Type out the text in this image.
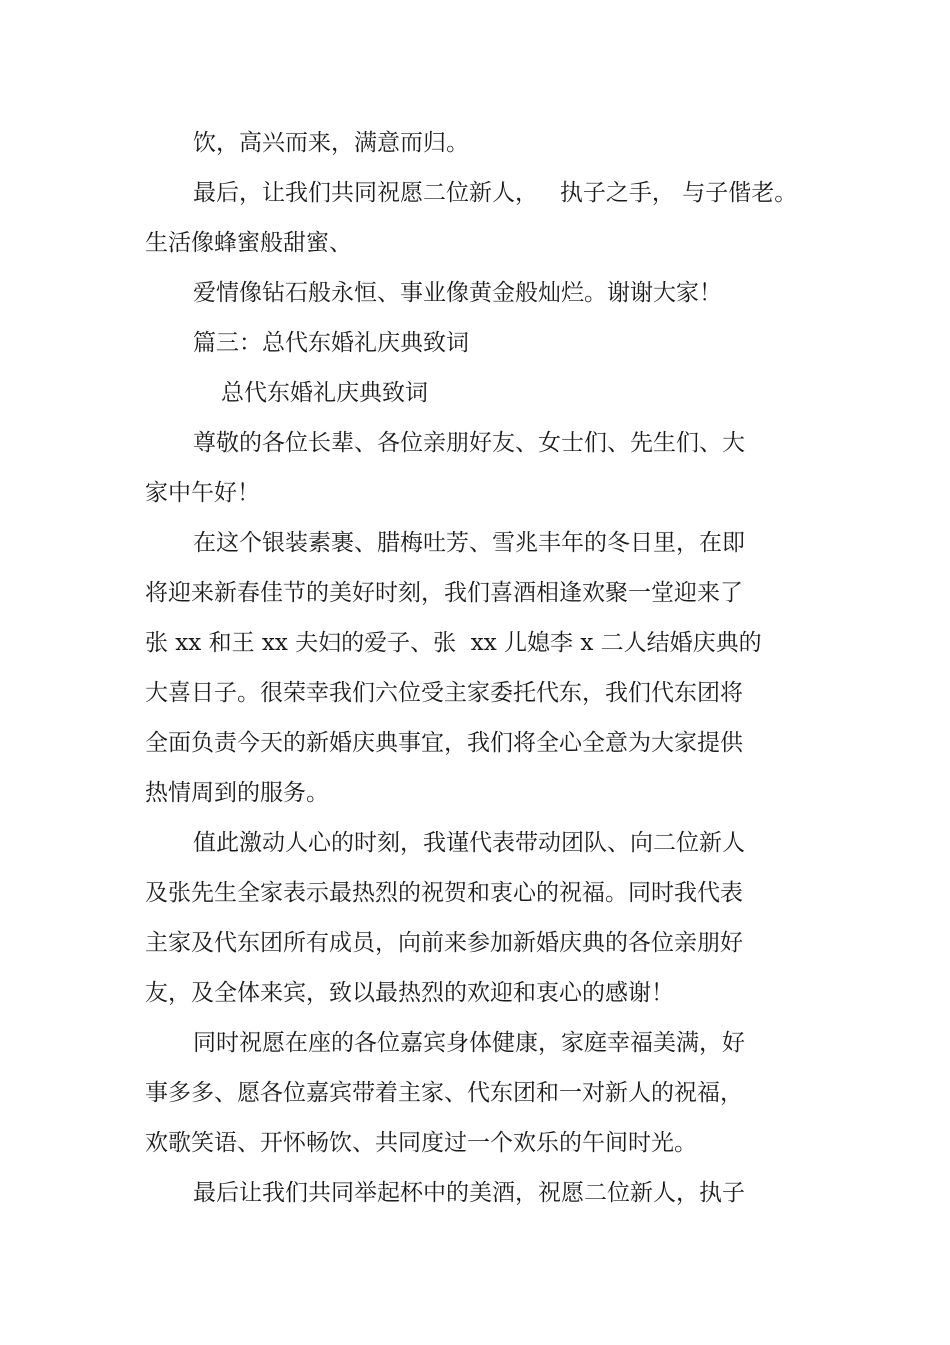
饮，高兴而来，满意而归。

最后，让我们共同祝愿二位新人，   执子之手， 与子偕老。

生活像蜂蜜般甜蜜、

爱情像钻石般永恒、事业像黄金般灿烂。谢谢大家！

篇三：总代东婚礼庆典致词

总代东婚礼庆典致词

尊敬的各位长辈、各位亲朋好友、女士们、先生们、大

家中午好！

在这个银装素裹、腊梅吐芳、雪兆丰年的冬日里，在即

将迎来新春佳节的美好时刻，我们喜酒相逢欢聚一堂迎来了

张 xx 和王 xx 夫妇的爱子、张  xx 儿媳李 x 二人结婚庆典的

大喜日子。很荣幸我们六位受主家委托代东，我们代东团将

全面负责今天的新婚庆典事宜，我们将全心全意为大家提供

热情周到的服务。

值此激动人心的时刻，我谨代表带动团队、向二位新人

及张先生全家表示最热烈的祝贺和衷心的祝福。同时我代表

主家及代东团所有成员，向前来参加新婚庆典的各位亲朋好

友，及全体来宾，致以最热烈的欢迎和衷心的感谢！

同时祝愿在座的各位嘉宾身体健康，家庭幸福美满，好

事多多、愿各位嘉宾带着主家、代东团和一对新人的祝福，

欢歌笑语、开怀畅饮、共同度过一个欢乐的午间时光。

最后让我们共同举起杯中的美酒，祝愿二位新人，执子
